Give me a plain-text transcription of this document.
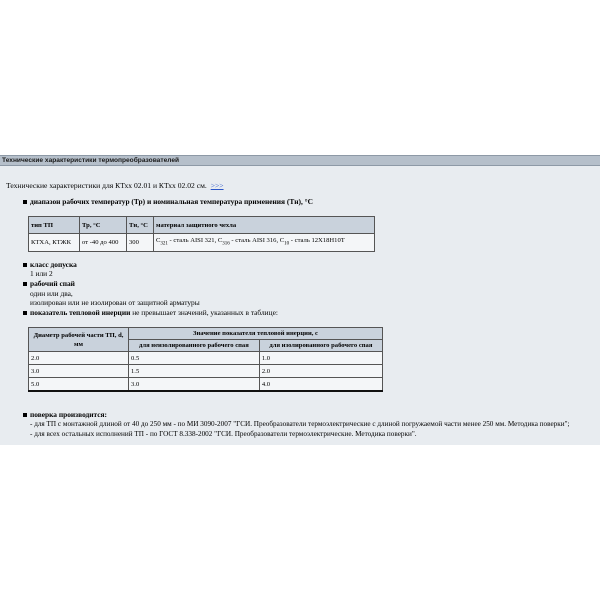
Технические характеристики термопреобразователей
Технические характеристики для КТхх 02.01 и КТхх 02.02 см. >>>
диапазон рабочих температур (Тр) и номинальная температура применения (Тн), °С
тип ТП	Тр, °С	Тн, °С	материал защитного чехла
КТХА, КТЖК	от -40 до 400	300	$С_{321}$ - сталь AISI 321, $С_{316}$ - сталь AISI 316, $С_{10}$ - сталь 12Х18Н10Т
класс допуска
1 или 2
рабочий спай
один или два,
изолирован или не изолирован от защитной арматуры
показатель тепловой инерции не превышает значений, указанных в таблице:
Диаметр рабочей части ТП, d, мм	Значение показателя тепловой инерции, с	
	для неизолированного рабочего спая	для изолированного рабочего спая
2.0	0.5	1.0
3.0	1.5	2.0
5.0	3.0	4.0
поверка производится:
- для ТП с монтажной длиной от 40 до 250 мм - по МИ 3090-2007 "ГСИ. Преобразователи термоэлектрические с длиной погружаемой части менее 250 мм. Методика поверки";
- для всех остальных исполнений ТП - по ГОСТ 8.338-2002 "ГСИ. Преобразователи термоэлектрические. Методика поверки".
